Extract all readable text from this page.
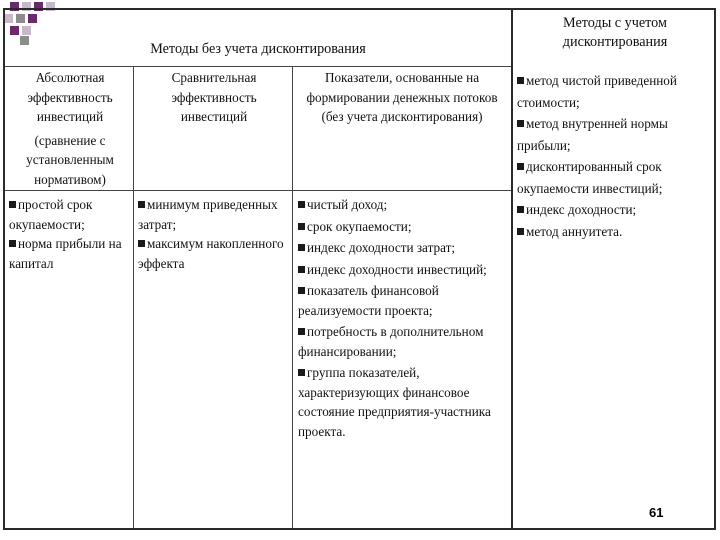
Методы без учета дисконтирования
Методы с учетом дисконтирования
Абсолютная эффективность инвестиций
(сравнение с установленным нормативом)
Сравнительная эффективность инвестиций
Показатели, основанные на формировании денежных потоков (без учета дисконтирования)
простой срок окупаемости;
норма прибыли на капитал
минимум приведенных затрат;
максимум накопленного эффекта
чистый доход;
срок окупаемости;
индекс доходности затрат;
индекс доходности инвестиций;
показатель финансовой реализуемости проекта;
потребность в дополнительном финансировании;
группа показателей, характеризующих финансовое состояние предприятия-участника проекта.
метод чистой приведенной стоимости;
метод внутренней нормы прибыли;
дисконтированный срок окупаемости инвестиций;
индекс доходности;
метод аннуитета.
61
